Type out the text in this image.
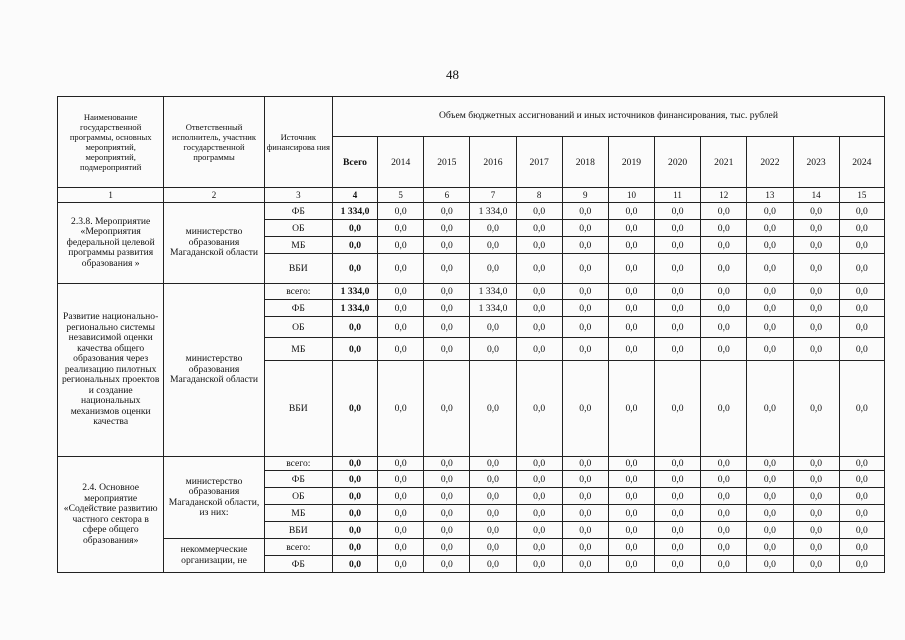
48
Наименование государственной программы, основных мероприятий, мероприятий, подмероприятий	Ответственный исполнитель, участник государственной программы	Источник финансирова ния	Объем бюджетных ассигнований и иных источников финансирования, тыс. рублей											
			Всего	2014	2015	2016	2017	2018	2019	2020	2021	2022	2023	2024
1	2	3	4	5	6	7	8	9	10	11	12	13	14	15
2.3.8. Мероприятие «Мероприятия федеральной целевой программы развития образования »	министерство образования Магаданской области	ФБ	1 334,0	0,0	0,0	1 334,0	0,0	0,0	0,0	0,0	0,0	0,0	0,0	0,0
		ОБ	0,0	0,0	0,0	0,0	0,0	0,0	0,0	0,0	0,0	0,0	0,0	0,0
		МБ	0,0	0,0	0,0	0,0	0,0	0,0	0,0	0,0	0,0	0,0	0,0	0,0
		ВБИ	0,0	0,0	0,0	0,0	0,0	0,0	0,0	0,0	0,0	0,0	0,0	0,0
Развитие национально-регионально системы независимой оценки качества общего образования через реализацию пилотных региональных проектов и создание национальных механизмов оценки качества	министерство образования Магаданской области	всего:	1 334,0	0,0	0,0	1 334,0	0,0	0,0	0,0	0,0	0,0	0,0	0,0	0,0
		ФБ	1 334,0	0,0	0,0	1 334,0	0,0	0,0	0,0	0,0	0,0	0,0	0,0	0,0
		ОБ	0,0	0,0	0,0	0,0	0,0	0,0	0,0	0,0	0,0	0,0	0,0	0,0
		МБ	0,0	0,0	0,0	0,0	0,0	0,0	0,0	0,0	0,0	0,0	0,0	0,0
		ВБИ	0,0	0,0	0,0	0,0	0,0	0,0	0,0	0,0	0,0	0,0	0,0	0,0
2.4. Основное мероприятие «Содействие развитию частного сектора в сфере общего образования»	министерство образования Магаданской области, из них:	всего:	0,0	0,0	0,0	0,0	0,0	0,0	0,0	0,0	0,0	0,0	0,0	0,0
		ФБ	0,0	0,0	0,0	0,0	0,0	0,0	0,0	0,0	0,0	0,0	0,0	0,0
		ОБ	0,0	0,0	0,0	0,0	0,0	0,0	0,0	0,0	0,0	0,0	0,0	0,0
		МБ	0,0	0,0	0,0	0,0	0,0	0,0	0,0	0,0	0,0	0,0	0,0	0,0
		ВБИ	0,0	0,0	0,0	0,0	0,0	0,0	0,0	0,0	0,0	0,0	0,0	0,0
	некоммерческие организации, не	всего:	0,0	0,0	0,0	0,0	0,0	0,0	0,0	0,0	0,0	0,0	0,0	0,0
		ФБ	0,0	0,0	0,0	0,0	0,0	0,0	0,0	0,0	0,0	0,0	0,0	0,0
